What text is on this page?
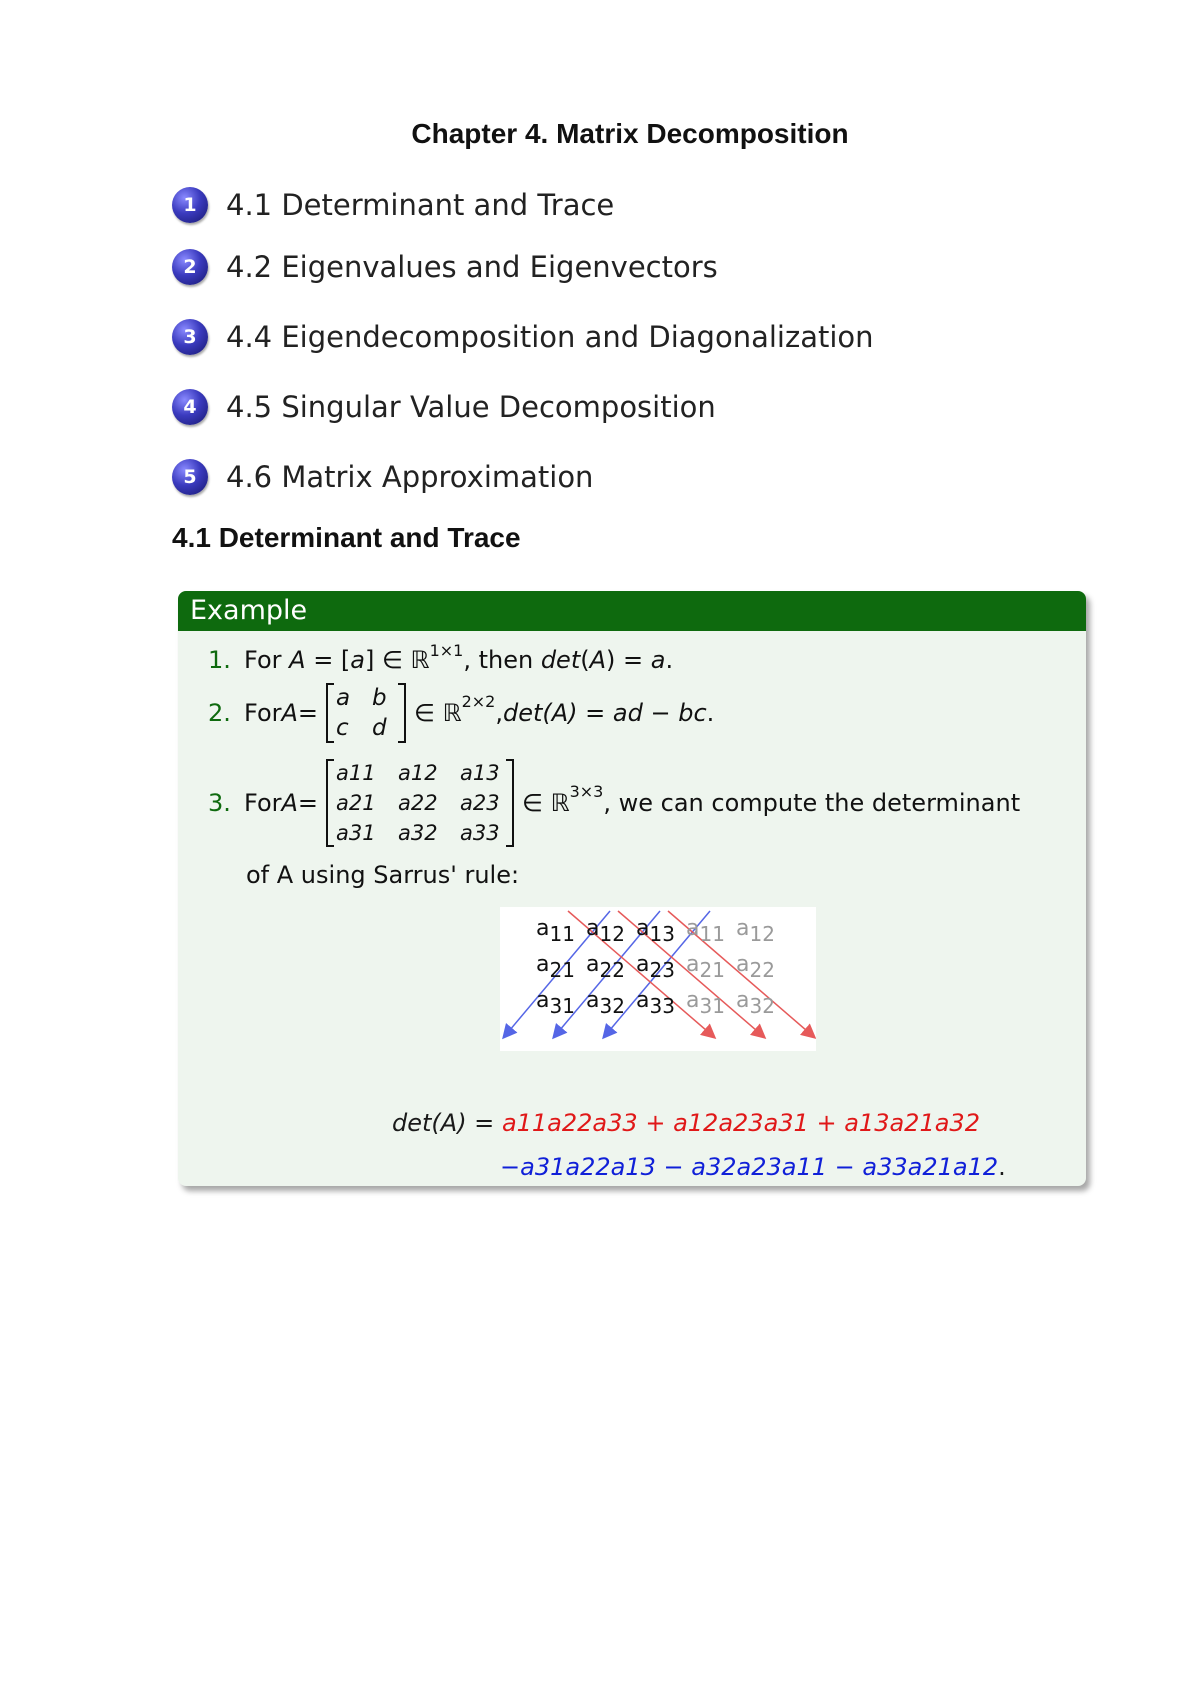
Chapter 4. Matrix Decomposition
1	4.1 Determinant and Trace
2	4.2 Eigenvalues and Eigenvectors
3	4.4 Eigendecomposition and Diagonalization
4	4.5 Singular Value Decomposition
5	4.6 Matrix Approximation
4.1 Determinant and Trace
Example
1. For A = [a] ∈ ℝ$^{1\times 1}$, then det(A) = a.
2. For A =
a b
c	d
∈ ℝ 2×2 , det(A) = ad − bc .
3. For A =
a11	a12	a13
a21	a22	a23
a31	a32	a33
∈ ℝ 3×3 , we can compute the determinant
of A using Sarrus' rule:
a11 a12 a13
a21 a22 a23
a31 a32 a33
a11 a12
a21 a22
a31 a32
det(A) = a11a22a33 + a12a23a31 + a13a21a32
−a31a22a13 − a32a23a11 − a33a21a12.
